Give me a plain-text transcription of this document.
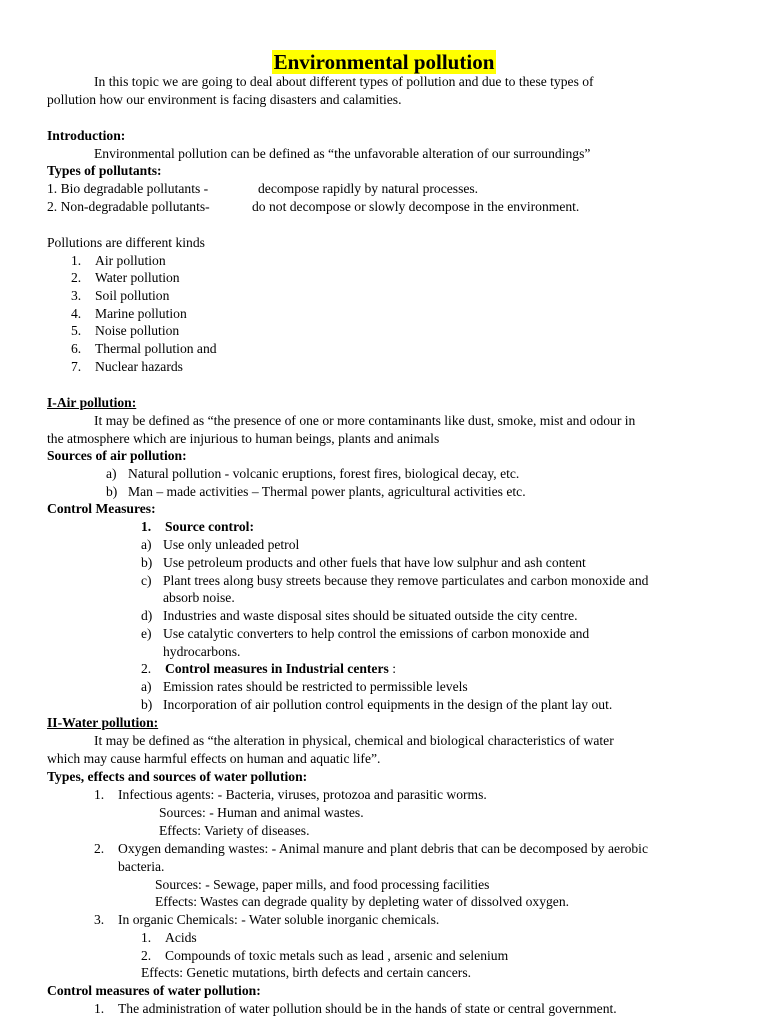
Environmental pollution
In this topic we are going to deal about different types of pollution and due to these types of
pollution how our environment is facing disasters and calamities.
Introduction:
Environmental pollution can be defined as “the unfavorable alteration of our surroundings”
Types of pollutants:
1. Bio degradable pollutants -	decompose rapidly by natural processes.
2. Non-degradable pollutants-	do not decompose or slowly decompose in the environment.
Pollutions are different kinds
1. Air pollution
2. Water pollution
3. Soil pollution
4. Marine pollution
5. Noise pollution
6. Thermal pollution and
7. Nuclear hazards
I-Air pollution:
It may be defined as “the presence of one or more contaminants like dust, smoke, mist and odour in
the atmosphere which are injurious to human beings, plants and animals
Sources of air pollution:
a) Natural pollution - volcanic eruptions, forest fires, biological decay, etc.
b) Man – made activities – Thermal power plants, agricultural activities etc.
Control Measures:
1. Source control:
a) Use only unleaded petrol
b) Use petroleum products and other fuels that have low sulphur and ash content
c) Plant trees along busy streets because they remove particulates and carbon monoxide and
absorb noise.
d) Industries and waste disposal sites should be situated outside the city centre.
e) Use catalytic converters to help control the emissions of carbon monoxide and
hydrocarbons.
2. Control measures in Industrial centers :
a) Emission rates should be restricted to permissible levels
b) Incorporation of air pollution control equipments in the design of the plant lay out.
II-Water pollution:
It may be defined as “the alteration in physical, chemical and biological characteristics of water
which may cause harmful effects on human and aquatic life”.
Types, effects and sources of water pollution:
1. Infectious agents: - Bacteria, viruses, protozoa and parasitic worms.
Sources: - Human and animal wastes.
Effects: Variety of diseases.
2. Oxygen demanding wastes: - Animal manure and plant debris that can be decomposed by aerobic
bacteria.
Sources: - Sewage, paper mills, and food processing facilities
Effects: Wastes can degrade quality by depleting water of dissolved oxygen.
3. In organic Chemicals: - Water soluble inorganic chemicals.
1. Acids
2. Compounds of toxic metals such as lead , arsenic and selenium
Effects: Genetic mutations, birth defects and certain cancers.
Control measures of water pollution:
1. The administration of water pollution should be in the hands of state or central government.
